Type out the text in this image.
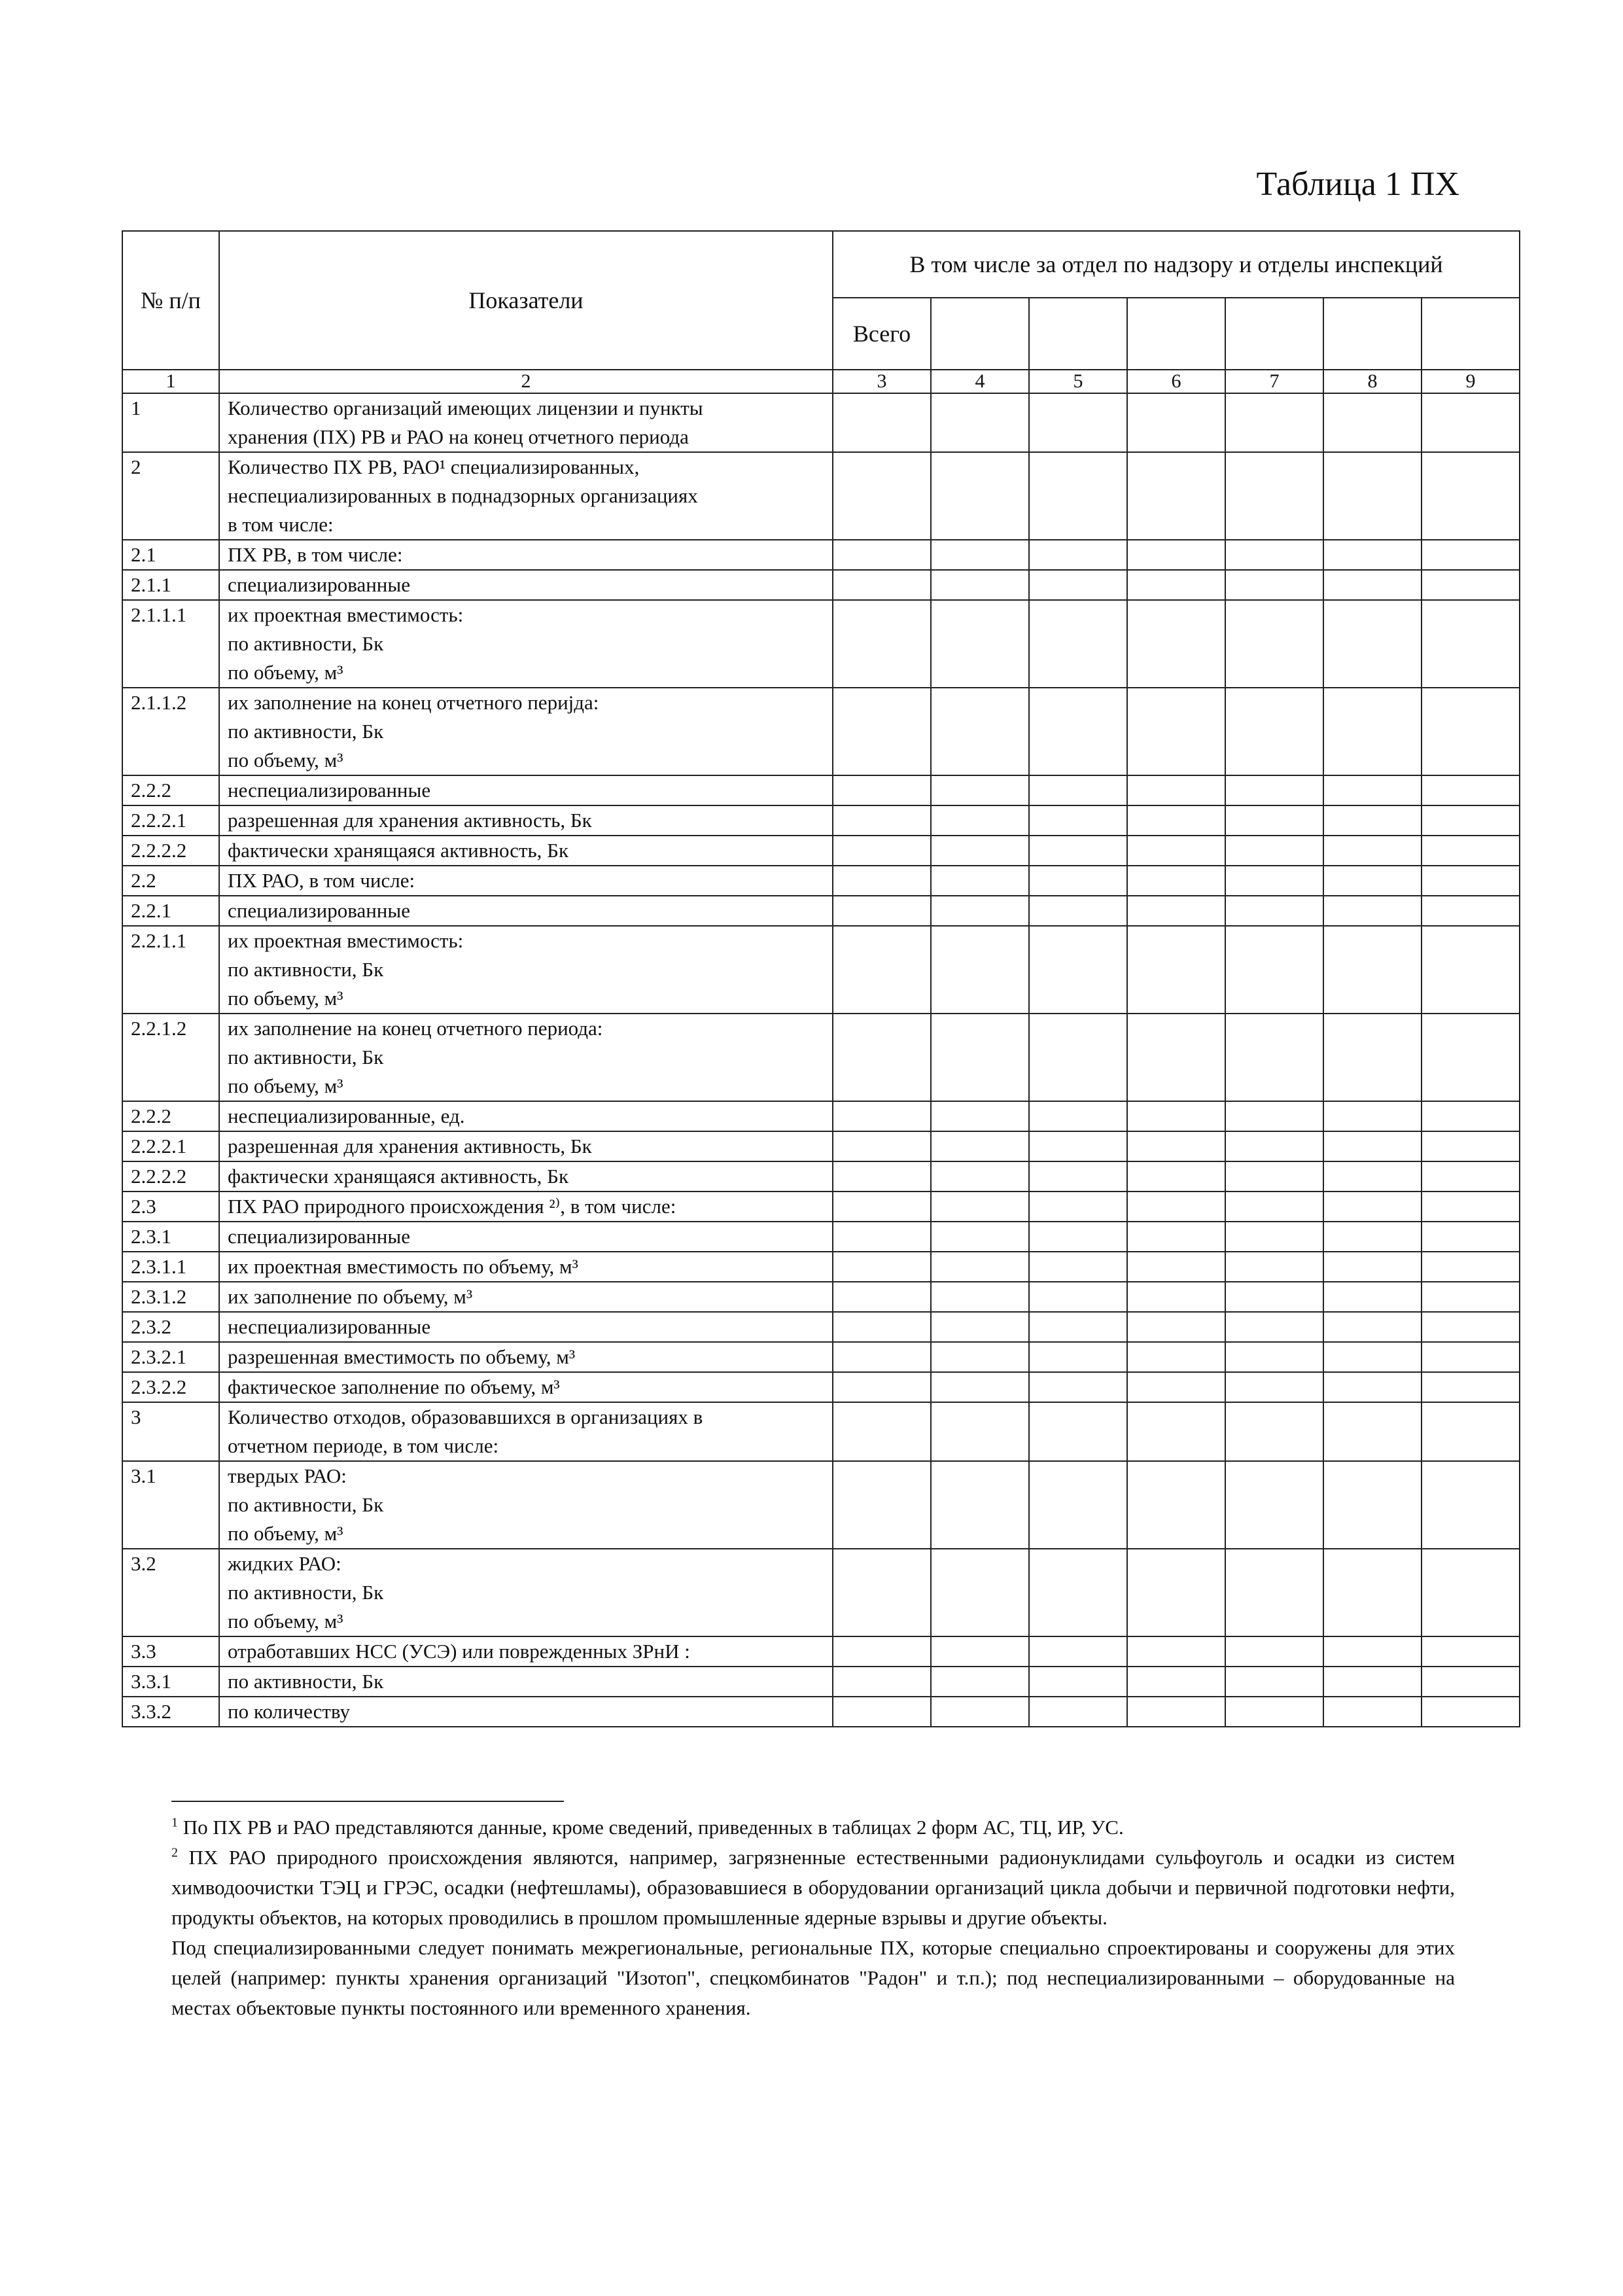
Таблица 1 ПХ
№ п/п	Показатели	В том числе за отдел по надзору и отделы инспекций						
		Всего						
1	2	3	4	5	6	7	8	9
1	Количество организаций имеющих лицензии и пункты
хранения (ПХ) РВ и РАО на конец отчетного периода							

2	Количество ПХ РВ, РАО¹ специализированных,
неспециализированных в поднадзорных организациях
в том числе:							

2.1	ПХ РВ, в том числе:							

2.1.1	специализированные							

2.1.1.1	их проектная вместимость:
по активности, Бк
по объему, м³							

2.1.1.2	их заполнение на конец отчетного перијда:
по активности, Бк
по объему, м³							

2.2.2	неспециализированные							

2.2.2.1	разрешенная для хранения активность, Бк							

2.2.2.2	фактически хранящаяся активность, Бк							

2.2	ПХ РАО, в том числе:							

2.2.1	специализированные							

2.2.1.1	их проектная вместимость:
по активности, Бк
по объему, м³							

2.2.1.2	их заполнение на конец отчетного периода:
по активности, Бк
по объему, м³							

2.2.2	неспециализированные, ед.							

2.2.2.1	разрешенная для хранения активность, Бк							

2.2.2.2	фактически хранящаяся активность, Бк							

2.3	ПХ РАО природного происхождения ²⁾, в том числе:							

2.3.1	специализированные							

2.3.1.1	их проектная вместимость по объему, м³							

2.3.1.2	их заполнение по объему, м³							

2.3.2	неспециализированные							

2.3.2.1	разрешенная вместимость по объему, м³							

2.3.2.2	фактическое заполнение по объему, м³							

3	Количество отходов, образовавшихся в организациях в
отчетном периоде, в том числе:							

3.1	твердых РАО:
по активности, Бк
по объему, м³							

3.2	жидких РАО:
по активности, Бк
по объему, м³							

3.3	отработавших НСС (УСЭ) или поврежденных ЗРнИ :							

3.3.1	по активности, Бк							

3.3.2	по количеству							

$^1$ По ПХ РВ и РАО представляются данные, кроме сведений, приведенных в таблицах 2 форм АС, ТЦ, ИР, УС.

$^2$ ПХ РАО природного происхождения являются, например, загрязненные естественными радионуклидами сульфоуголь и осадки из систем химводоочистки ТЭЦ и ГРЭС, осадки (нефтешламы), образовавшиеся в оборудовании организаций цикла добычи и первичной подготовки нефти, продукты объектов, на которых проводились в прошлом промышленные ядерные взрывы и другие объекты.

Под специализированными следует понимать межрегиональные, региональные ПХ, которые специально спроектированы и сооружены для этих целей (например: пункты хранения организаций "Изотоп", спецкомбинатов "Радон" и т.п.); под неспециализированными – оборудованные на местах объектовые пункты постоянного или временного хранения.
